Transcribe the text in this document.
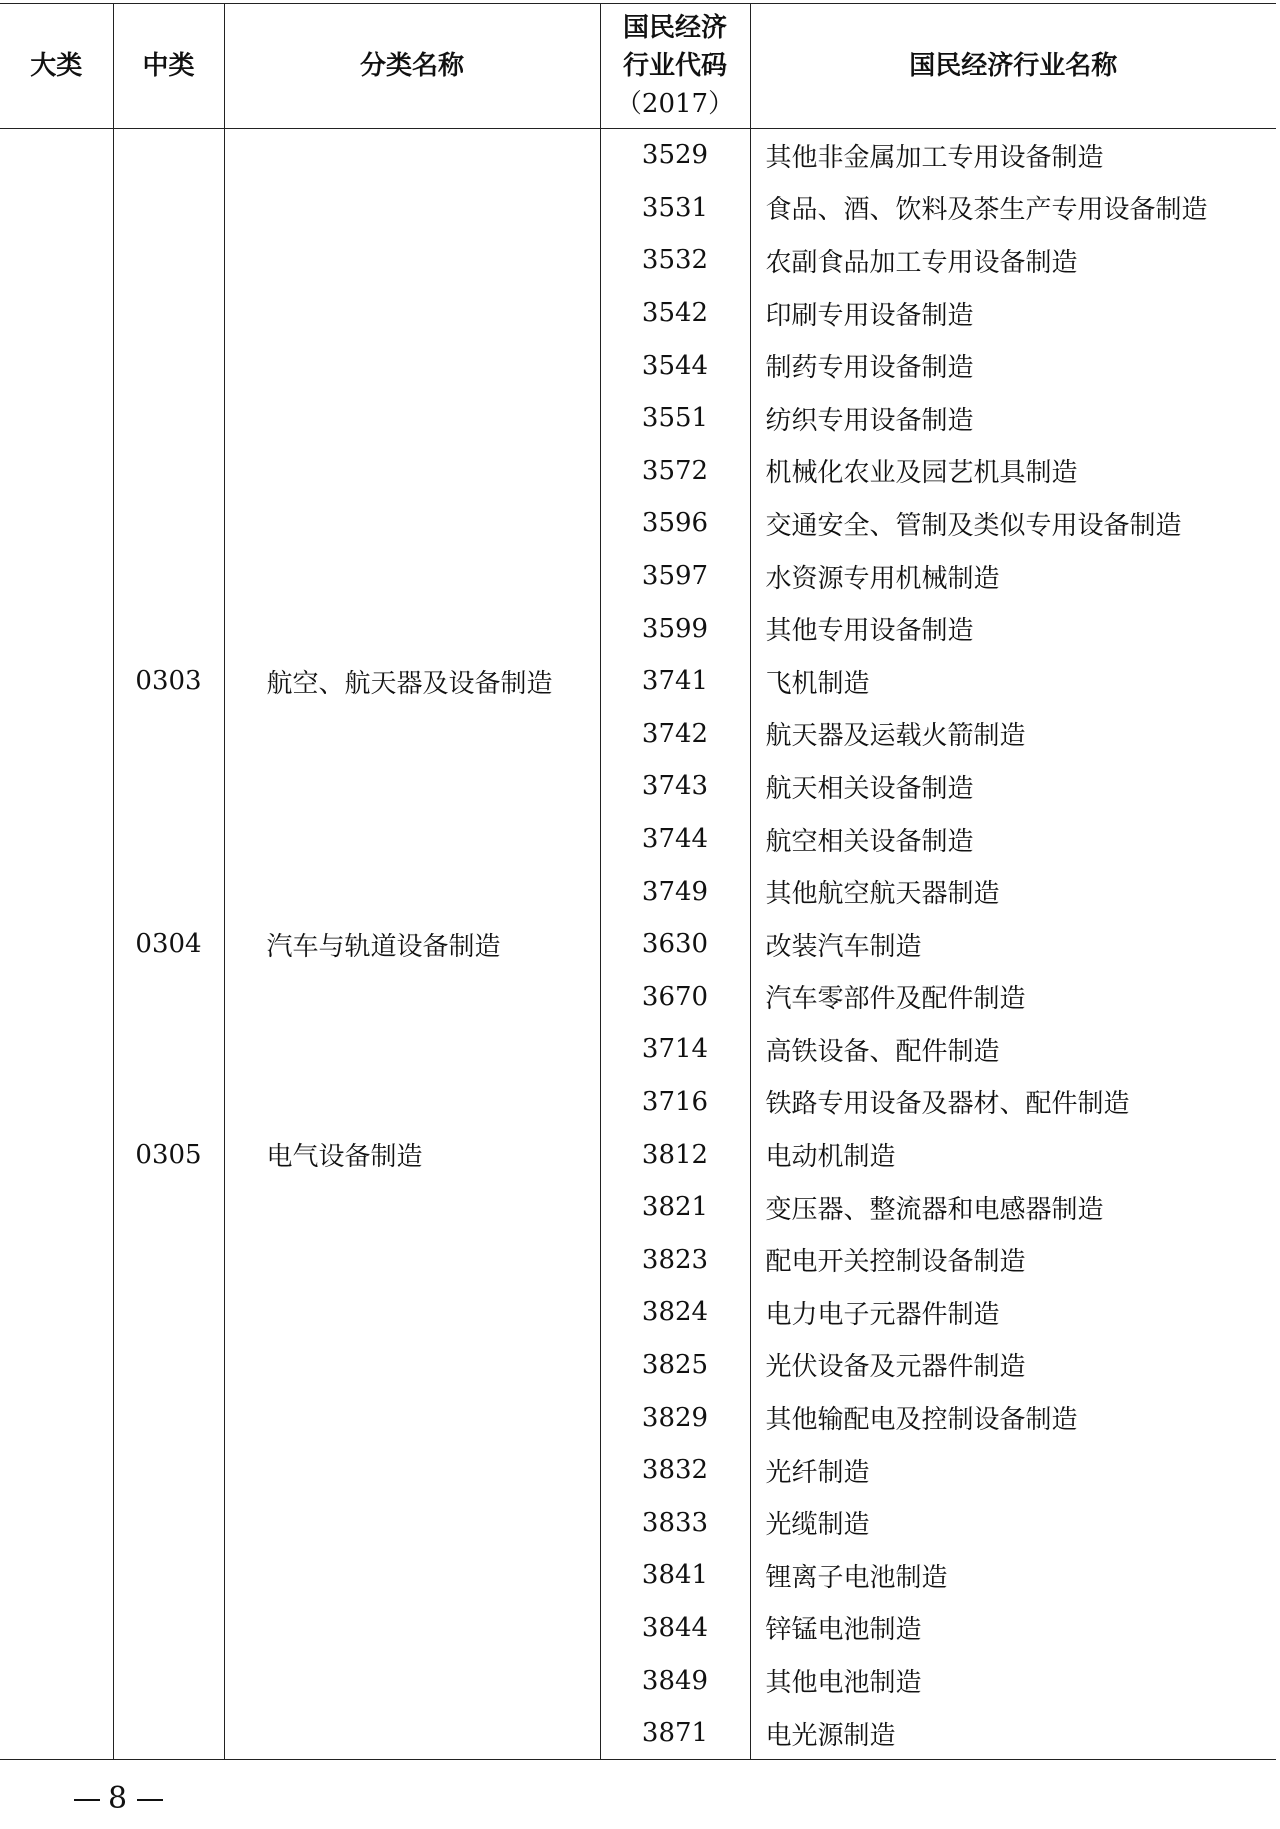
大类	中类	分类名称	国民经济
行业代码
（2017）	国民经济行业名称
			3529	其他非金属加工专用设备制造
			3531	食品、酒、饮料及茶生产专用设备制造
			3532	农副食品加工专用设备制造
			3542	印刷专用设备制造
			3544	制药专用设备制造
			3551	纺织专用设备制造
			3572	机械化农业及园艺机具制造
			3596	交通安全、管制及类似专用设备制造
			3597	水资源专用机械制造
			3599	其他专用设备制造
	0303	航空、航天器及设备制造	3741	飞机制造
			3742	航天器及运载火箭制造
			3743	航天相关设备制造
			3744	航空相关设备制造
			3749	其他航空航天器制造
	0304	汽车与轨道设备制造	3630	改装汽车制造
			3670	汽车零部件及配件制造
			3714	高铁设备、配件制造
			3716	铁路专用设备及器材、配件制造
	0305	电气设备制造	3812	电动机制造
			3821	变压器、整流器和电感器制造
			3823	配电开关控制设备制造
			3824	电力电子元器件制造
			3825	光伏设备及元器件制造
			3829	其他输配电及控制设备制造
			3832	光纤制造
			3833	光缆制造
			3841	锂离子电池制造
			3844	锌锰电池制造
			3849	其他电池制造
			3871	电光源制造
8
